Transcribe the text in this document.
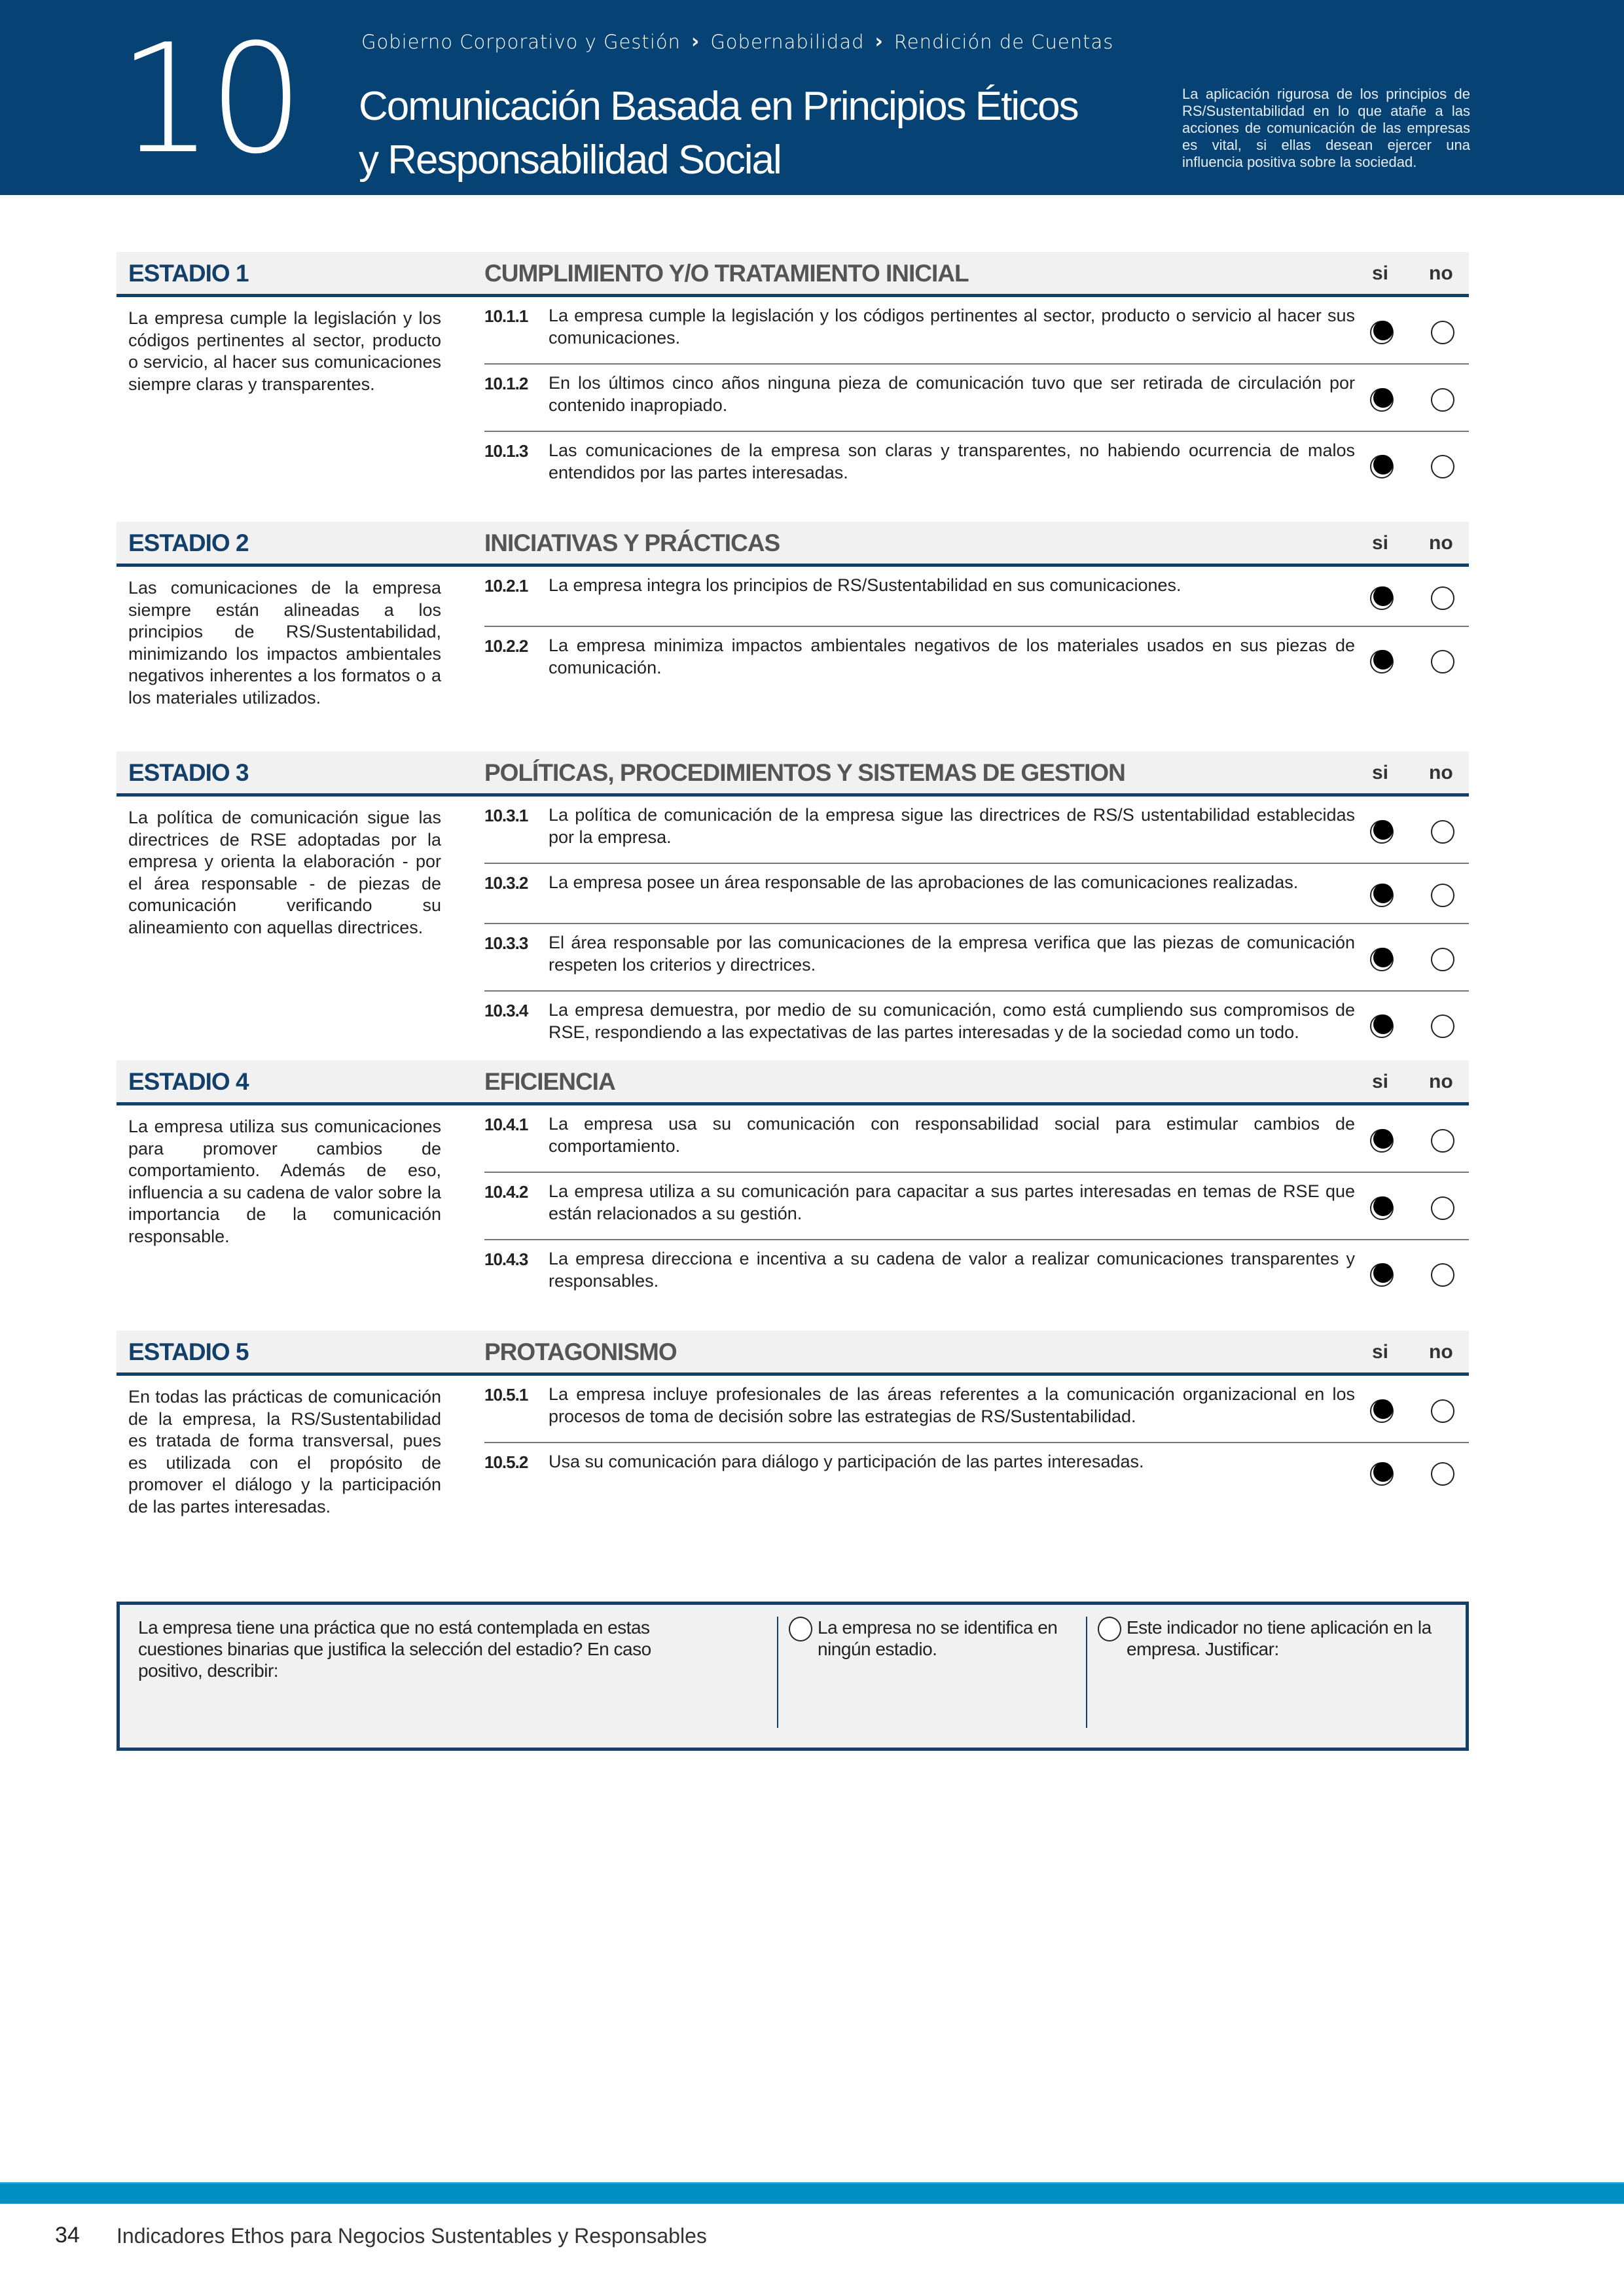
10	Gobierno Corporativo y Gestión › Gobernabilidad › Rendición de Cuentas
Comunicación Basada en Principios Éticos
y Responsabilidad Social
La aplicación rigurosa de los principios de RS/Sustentabilidad en lo que atañe a las acciones de comunicación de las empresas es vital, si ellas desean ejercer una influencia positiva sobre la sociedad.
ESTADIO 1	CUMPLIMIENTO Y/O TRATAMIENTO INICIAL	si no
La empresa cumple la legislación y los códigos pertinentes al sector, producto o servicio, al hacer sus comunicaciones siempre claras y transparentes.
10.1.1	La empresa cumple la legislación y los códigos pertinentes al sector, producto o servicio al hacer sus comunicaciones.
10.1.2	En los últimos cinco años ninguna pieza de comunicación tuvo que ser retirada de circulación por contenido inapropiado.
10.1.3	Las comunicaciones de la empresa son claras y transparentes, no habiendo ocurrencia de malos entendidos por las partes interesadas.
ESTADIO 2	INICIATIVAS Y PRÁCTICAS	si no
Las comunicaciones de la empresa siempre están alineadas a los principios de RS/Sustentabilidad, minimizando los impactos ambientales negativos inherentes a los formatos o a los materiales utilizados.
10.2.1	La empresa integra los principios de RS/Sustentabilidad en sus comunicaciones.
10.2.2	La empresa minimiza impactos ambientales negativos de los materiales usados en sus piezas de comunicación.
ESTADIO 3	POLÍTICAS, PROCEDIMIENTOS Y SISTEMAS DE GESTION	si no
La política de comunicación sigue las directrices de RSE adoptadas por la empresa y orienta la elaboración - por el área responsable - de piezas de comunicación verificando su alineamiento con aquellas directrices.
10.3.1	La política de comunicación de la empresa sigue las directrices de RS/S ustentabilidad establecidas por la empresa.
10.3.2	La empresa posee un área responsable de las aprobaciones de las comunicaciones realizadas.
10.3.3	El área responsable por las comunicaciones de la empresa verifica que las piezas de comunicación respeten los criterios y directrices.
10.3.4	La empresa demuestra, por medio de su comunicación, como está cumpliendo sus compromisos de RSE, respondiendo a las expectativas de las partes interesadas y de la sociedad como un todo.
ESTADIO 4	EFICIENCIA	si no
La empresa utiliza sus comunicaciones para promover cambios de comportamiento. Además de eso, influencia a su cadena de valor sobre la importancia de la comunicación responsable.
10.4.1	La empresa usa su comunicación con responsabilidad social para estimular cambios de comportamiento.
10.4.2	La empresa utiliza a su comunicación para capacitar a sus partes interesadas en temas de RSE que están relacionados a su gestión.
10.4.3	La empresa direcciona e incentiva a su cadena de valor a realizar comunicaciones transparentes y responsables.
ESTADIO 5	PROTAGONISMO	si no
En todas las prácticas de comunicación de la empresa, la RS/Sustentabilidad es tratada de forma transversal, pues es utilizada con el propósito de promover el diálogo y la participación de las partes interesadas.
10.5.1	La empresa incluye profesionales de las áreas referentes a la comunicación organizacional en los procesos de toma de decisión sobre las estrategias de RS/Sustentabilidad.
10.5.2	Usa su comunicación para diálogo y participación de las partes interesadas.
La empresa tiene una práctica que no está contemplada en estas cuestiones binarias que justifica la selección del estadio? En caso positivo, describir:
La empresa no se identifica en ningún estadio.
Este indicador no tiene aplicación en la empresa. Justificar:
34 Indicadores Ethos para Negocios Sustentables y Responsables
